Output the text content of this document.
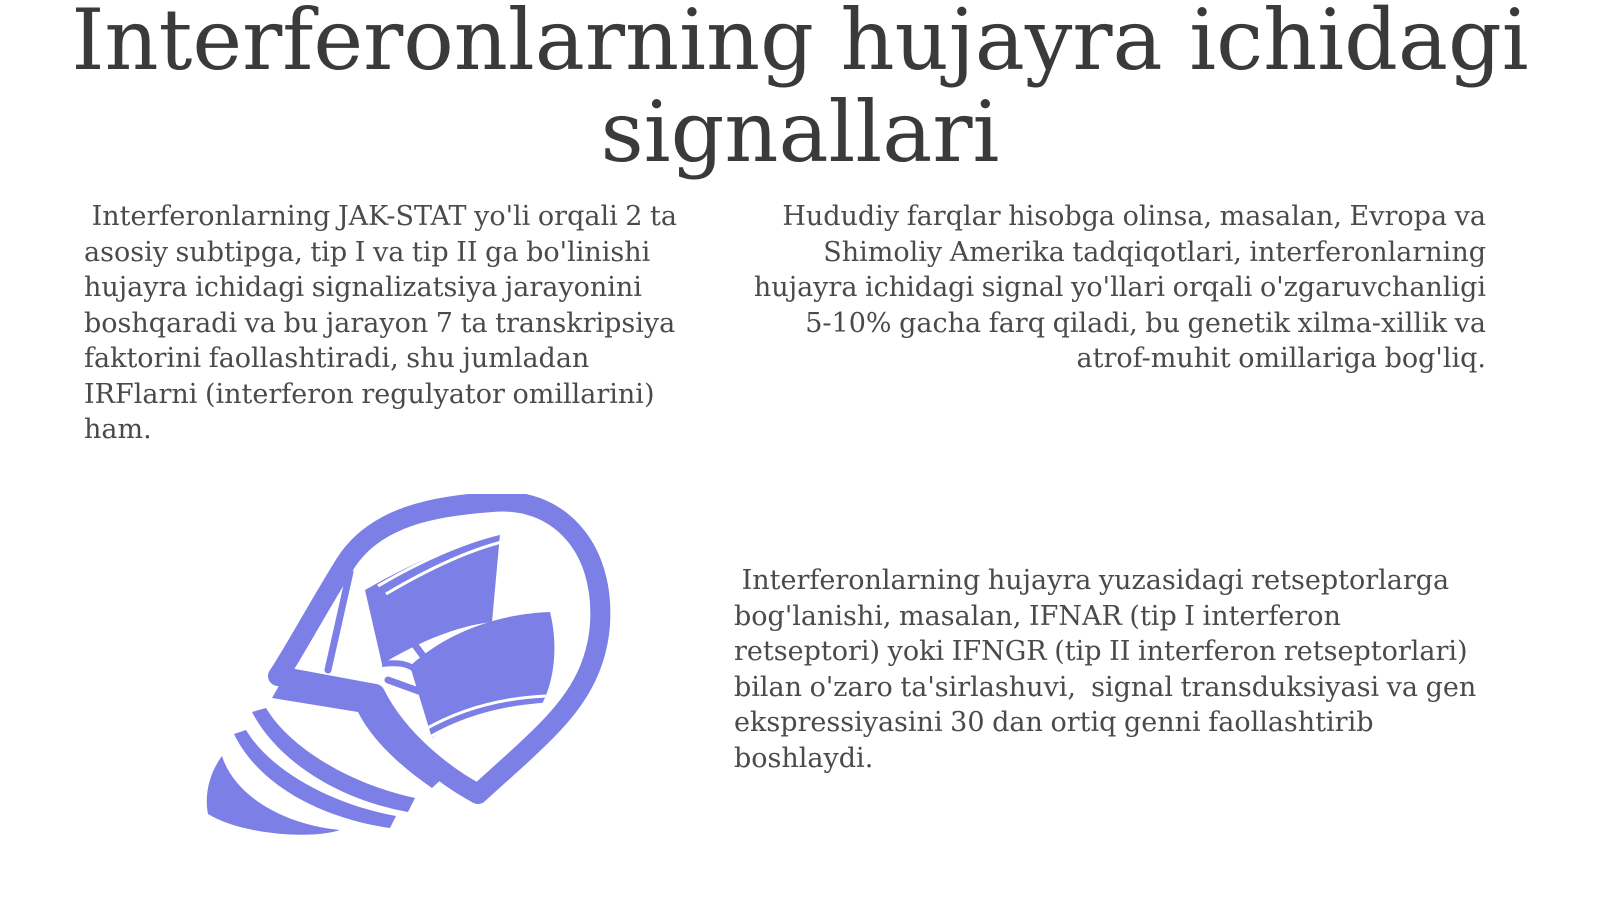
Interferonlarning hujayra ichidagi signallari

Interferonlarning JAK-STAT yo'li orqali 2 ta asosiy subtipga, tip I va tip II ga bo'linishi hujayra ichidagi signalizatsiya jarayonini boshqaradi va bu jarayon 7 ta transkripsiya faktorini faollashtiradi, shu jumladan IRFlarni (interferon regulyator omillarini) ham.

Hududiy farqlar hisobga olinsa, masalan, Evropa va Shimoliy Amerika tadqiqotlari, interferonlarning hujayra ichidagi signal yo'llari orqali o'zgaruvchanligi 5-10% gacha farq qiladi, bu genetik xilma-xillik va atrof-muhit omillariga bog'liq.

Interferonlarning hujayra yuzasidagi retseptorlarga bog'lanishi, masalan, IFNAR (tip I interferon retseptori) yoki IFNGR (tip II interferon retseptorlari) bilan o'zaro ta'sirlashuvi,  signal transduksiyasi va gen ekspressiyasini 30 dan ortiq genni faollashtirib boshlaydi.
